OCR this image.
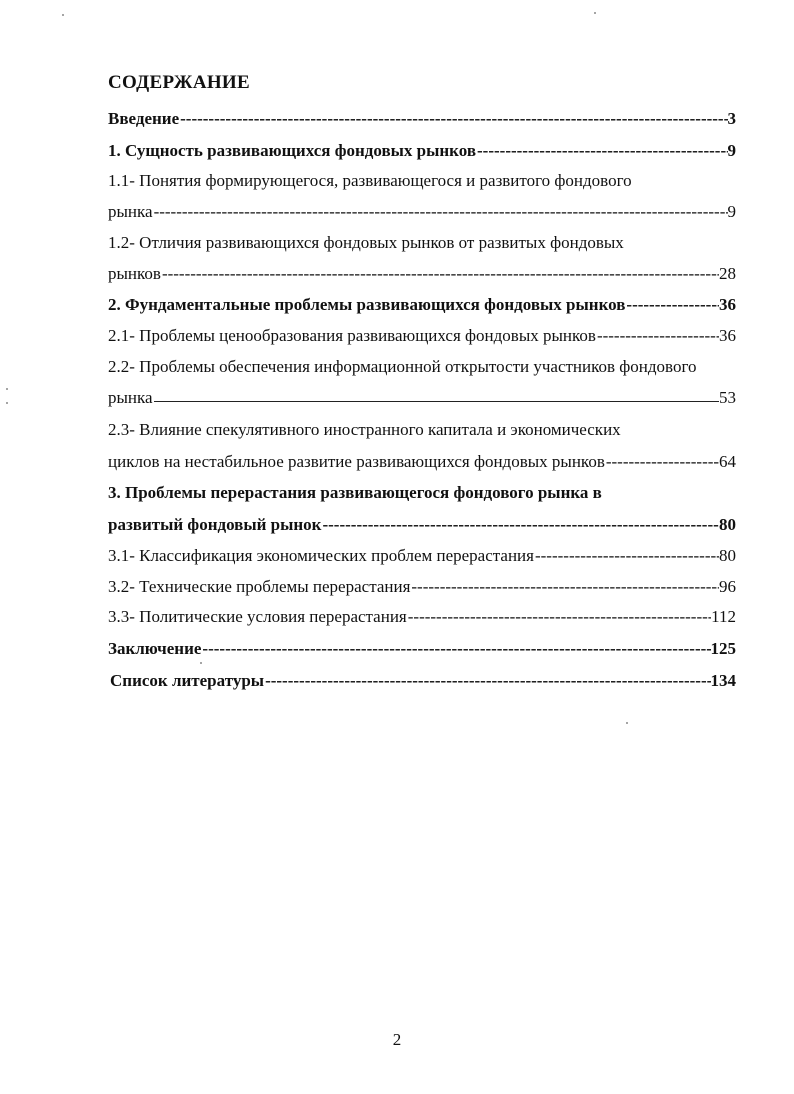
СОДЕРЖАНИЕ
Введение -----	3
1. Сущность развивающихся фондовых рынков -----	9
1.1- Понятия формирующегося, развивающегося и развитого фондового
рынка -----	9
1.2- Отличия развивающихся фондовых рынков от развитых фондовых
рынков -----	28
2. Фундаментальные проблемы развивающихся фондовых рынков -----	36
2.1- Проблемы ценообразования развивающихся фондовых рынков -----	36
2.2- Проблемы обеспечения информационной открытости участников фондового
рынка	53
2.3- Влияние спекулятивного иностранного капитала и экономических
циклов на нестабильное развитие развивающихся фондовых рынков -----	64
3. Проблемы перерастания развивающегося фондового рынка в
развитый фондовый рынок -----	80
3.1- Классификация экономических проблем перерастания -----	80
3.2- Технические проблемы перерастания -----	96
3.3- Политические условия перерастания -----	112
Заключение -----	125
Список литературы -----	134
2
